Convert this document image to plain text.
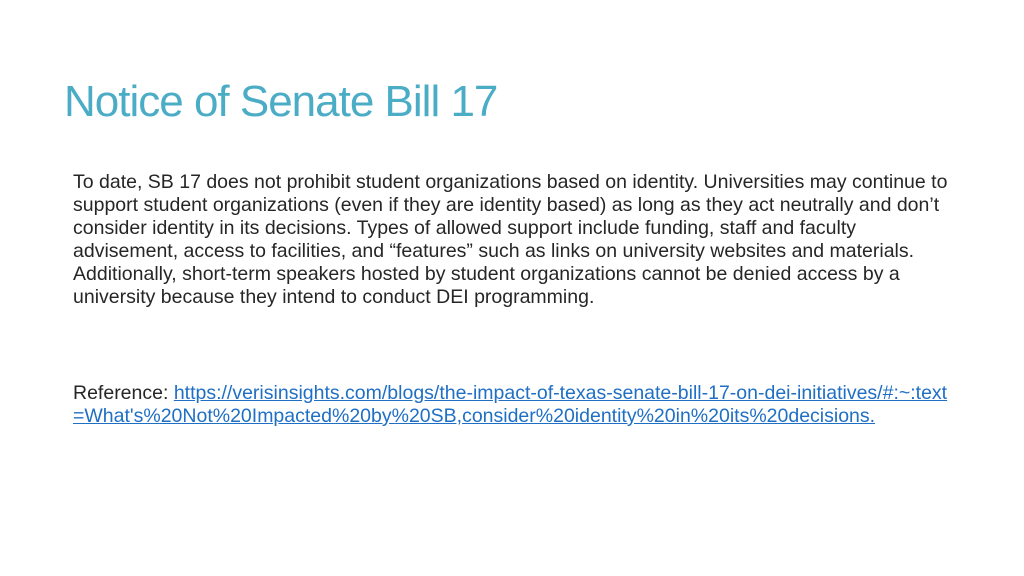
Notice of Senate Bill 17

To date, SB 17 does not prohibit student organizations based on identity. Universities may continue to support student organizations (even if they are identity based) as long as they act neutrally and don’t consider identity in its decisions. Types of allowed support include funding, staff and faculty advisement, access to facilities, and “features” such as links on university websites and materials. Additionally, short-term speakers hosted by student organizations cannot be denied access by a university because they intend to conduct DEI programming.

Reference: https://verisinsights.com/blogs/the-impact-of-texas-senate-bill-17-on-dei-initiatives/#:~:text=What's%20Not%20Impacted%20by%20SB,consider%20identity%20in%20its%20decisions.
